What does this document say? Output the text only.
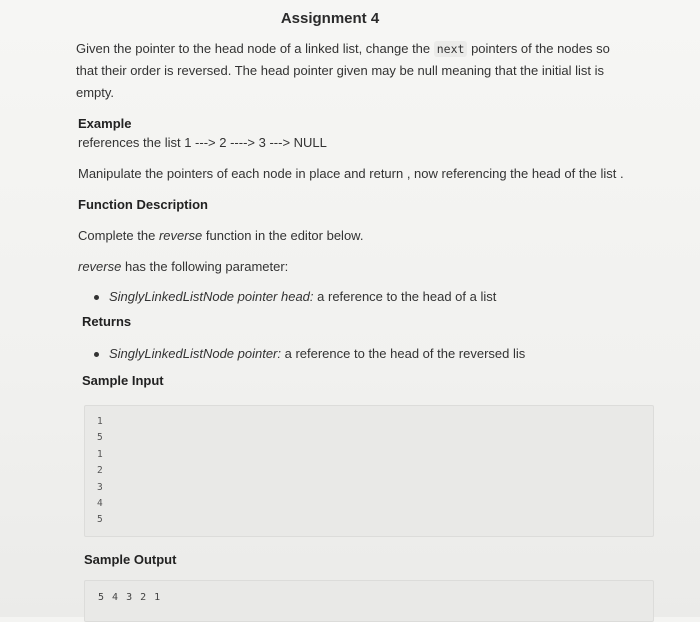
Assignment 4
Given the pointer to the head node of a linked list, change the next pointers of the nodes so
that their order is reversed. The head pointer given may be null meaning that the initial list is
empty.
Example
references the list 1 ---> 2 ----> 3 ---> NULL
Manipulate the pointers of each node in place and return , now referencing the head of the list .
Function Description
Complete the reverse function in the editor below.
reverse has the following parameter:
SinglyLinkedListNode pointer head: a reference to the head of a list
Returns
SinglyLinkedListNode pointer: a reference to the head of the reversed lis
Sample Input
1
5
1
2
3
4
5
Sample Output
5 4 3 2 1
